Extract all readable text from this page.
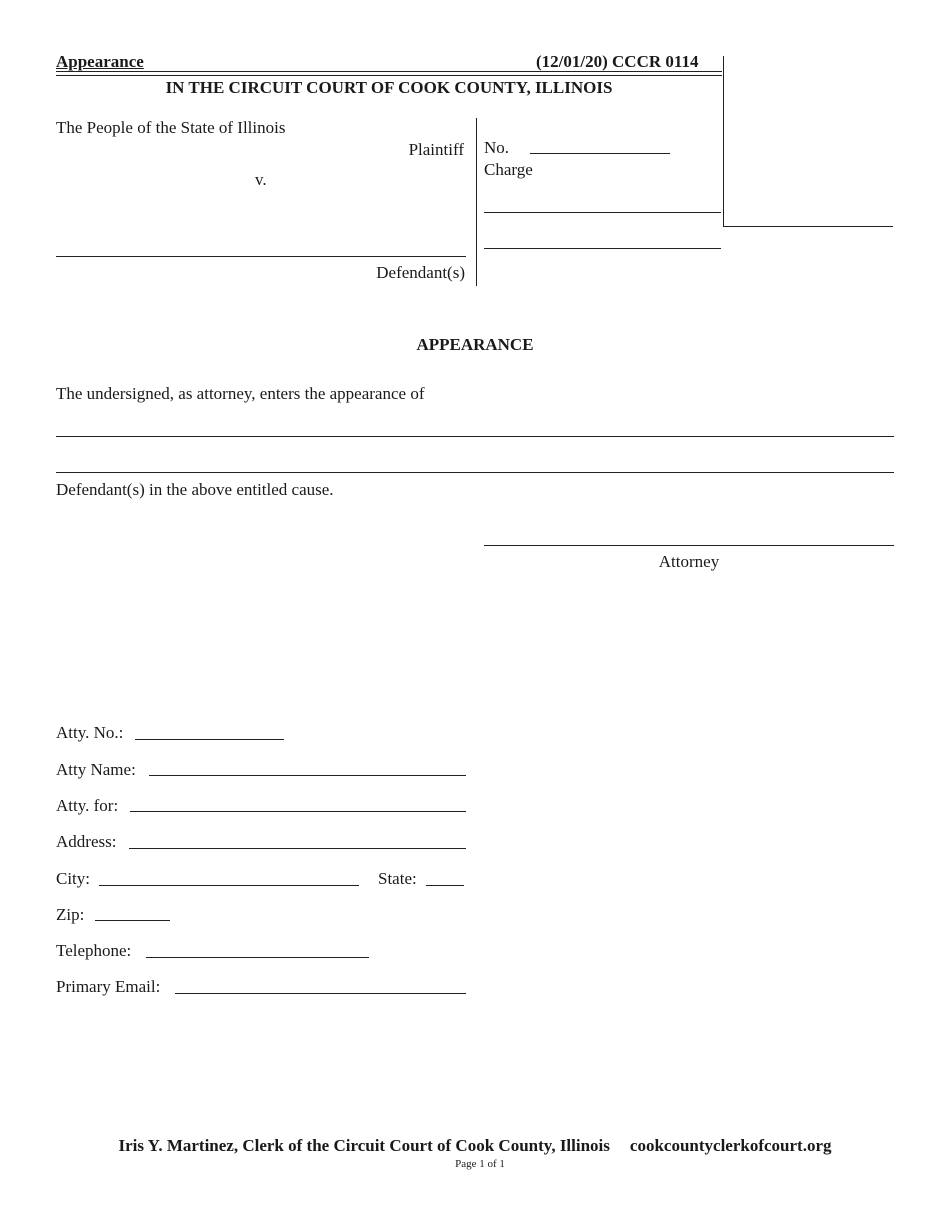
Appearance	(12/01/20) CCCR 0114
IN THE CIRCUIT COURT OF COOK COUNTY, ILLINOIS
The People of the State of Illinois
Plaintiff
v.
Defendant(s)
No.
Charge
APPEARANCE
The undersigned, as attorney, enters the appearance of
Defendant(s) in the above entitled cause.
Attorney
Atty. No.:
Atty Name:
Atty. for:
Address:
City:	State:
Zip:
Telephone:
Primary Email:
Iris Y. Martinez, Clerk of the Circuit Court of Cook County, Illinois cookcountyclerkofcourt.org
Page 1 of 1
